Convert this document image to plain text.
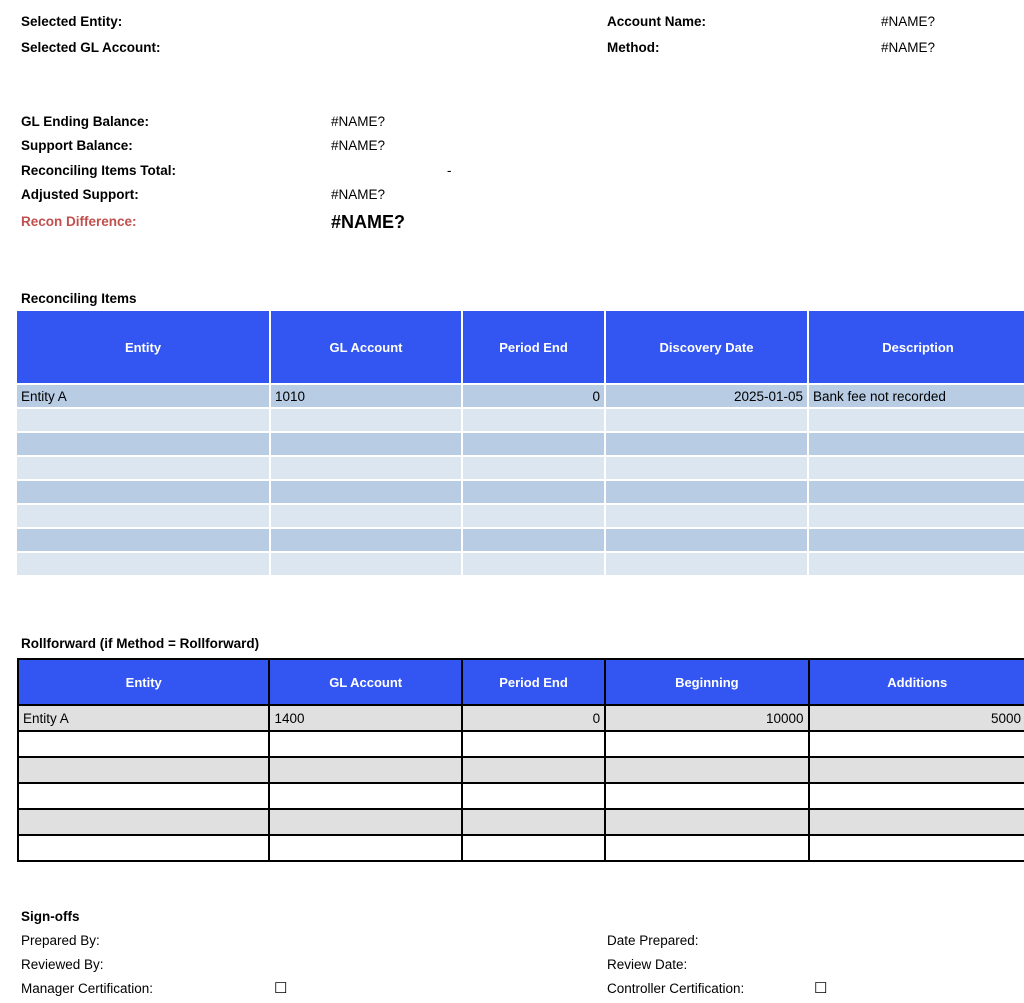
Selected Entity:	Account Name:	#NAME?
Selected GL Account:	Method:	#NAME?
GL Ending Balance:	#NAME?
Support Balance:	#NAME?
Reconciling Items Total:	-
Adjusted Support:	#NAME?
Recon Difference:	#NAME?
Reconciling Items
Entity	GL Account	Period End	Discovery Date	Description
Entity A	1010	0	2025-01-05	Bank fee not recorded

Rollforward (if Method = Rollforward)
Entity	GL Account	Period End	Beginning	Additions
Entity A	1400	0	10000	5000

Sign-offs
Prepared By:	Date Prepared:
Reviewed By:	Review Date:
Manager Certification:	☐	Controller Certification:	☐
